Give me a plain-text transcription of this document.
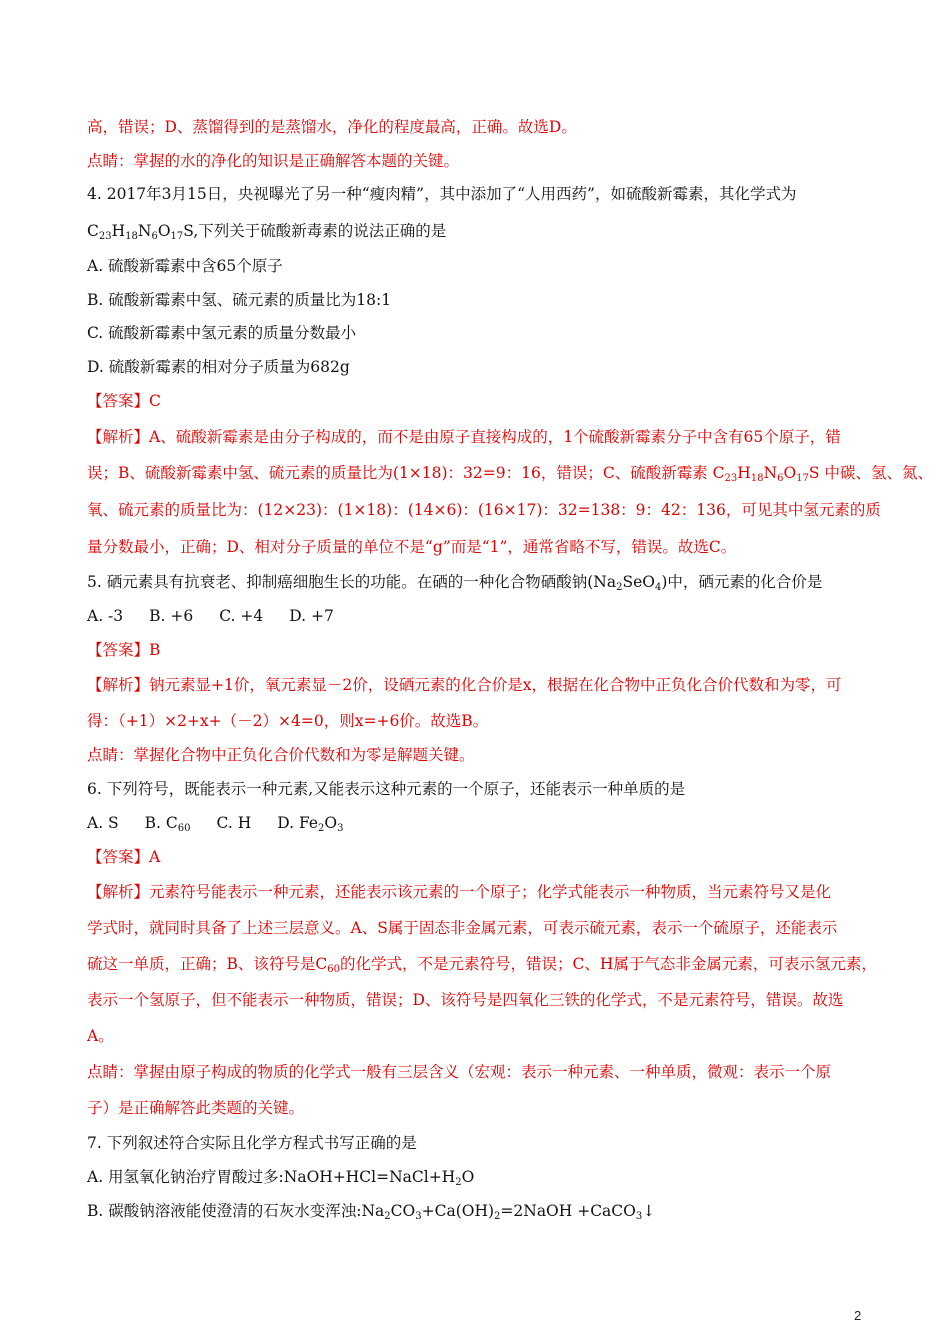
高，错误；D、蒸馏得到的是蒸馏水，净化的程度最高，正确。故选D。
点睛：掌握的水的净化的知识是正确解答本题的关键。
4. 2017年3月15日，央视曝光了另一种“瘦肉精”，其中添加了“人用西药”，如硫酸新霉素，其化学式为
$C_{23}H_{18}N_6O_{17}S$,下列关于硫酸新毒素的说法正确的是
A. 硫酸新霉素中含65个原子
B. 硫酸新霉素中氢、硫元素的质量比为18:1
C. 硫酸新霉素中氢元素的质量分数最小
D. 硫酸新霉素的相对分子质量为682g
【答案】C
【解析】A、硫酸新霉素是由分子构成的，而不是由原子直接构成的，1个硫酸新霉素分子中含有65个原子，错
误；B、硫酸新霉素中氢、硫元素的质量比为(1×18)：32=9：16，错误；C、硫酸新霉素 $C_{23}H_{18}N_6O_{17}S$ 中碳、氢、氮、
氧、硫元素的质量比为：(12×23)：(1×18)：(14×6)：(16×17)：32=138：9：42：136，可见其中氢元素的质
量分数最小，正确；D、相对分子质量的单位不是“g”而是“1”，通常省略不写，错误。故选C。
5. 硒元素具有抗衰老、抑制癌细胞生长的功能。在硒的一种化合物硒酸钠$(Na_2SeO_4)$中，硒元素的化合价是
A. -3 B. +6 C. +4 D. +7
【答案】B
【解析】钠元素显+1价，氧元素显－2价，设硒元素的化合价是x，根据在化合物中正负化合价代数和为零，可
得：（+1）×2+x+（－2）×4=0，则x=+6价。故选B。
点睛：掌握化合物中正负化合价代数和为零是解题关键。
6. 下列符号，既能表示一种元素,又能表示这种元素的一个原子，还能表示一种单质的是
A. S B. $C_{60}$ C. H D. $Fe_2O_3$
【答案】A
【解析】元素符号能表示一种元素，还能表示该元素的一个原子；化学式能表示一种物质，当元素符号又是化
学式时，就同时具备了上述三层意义。A、S属于固态非金属元素，可表示硫元素，表示一个硫原子，还能表示
硫这一单质，正确；B、该符号是$C_{60}$的化学式，不是元素符号，错误；C、H属于气态非金属元素，可表示氢元素，
表示一个氢原子，但不能表示一种物质，错误；D、该符号是四氧化三铁的化学式，不是元素符号，错误。故选
A。
点睛：掌握由原子构成的物质的化学式一般有三层含义（宏观：表示一种元素、一种单质，微观：表示一个原
子）是正确解答此类题的关键。
7. 下列叙述符合实际且化学方程式书写正确的是
A. 用氢氧化钠治疗胃酸过多$:NaOH+HCl=NaCl+H_2O$
B. 碳酸钠溶液能使澄清的石灰水变浑浊$:Na_2CO_3+Ca(OH)_2=2NaOH$ +CaCO$_3$↓
2
